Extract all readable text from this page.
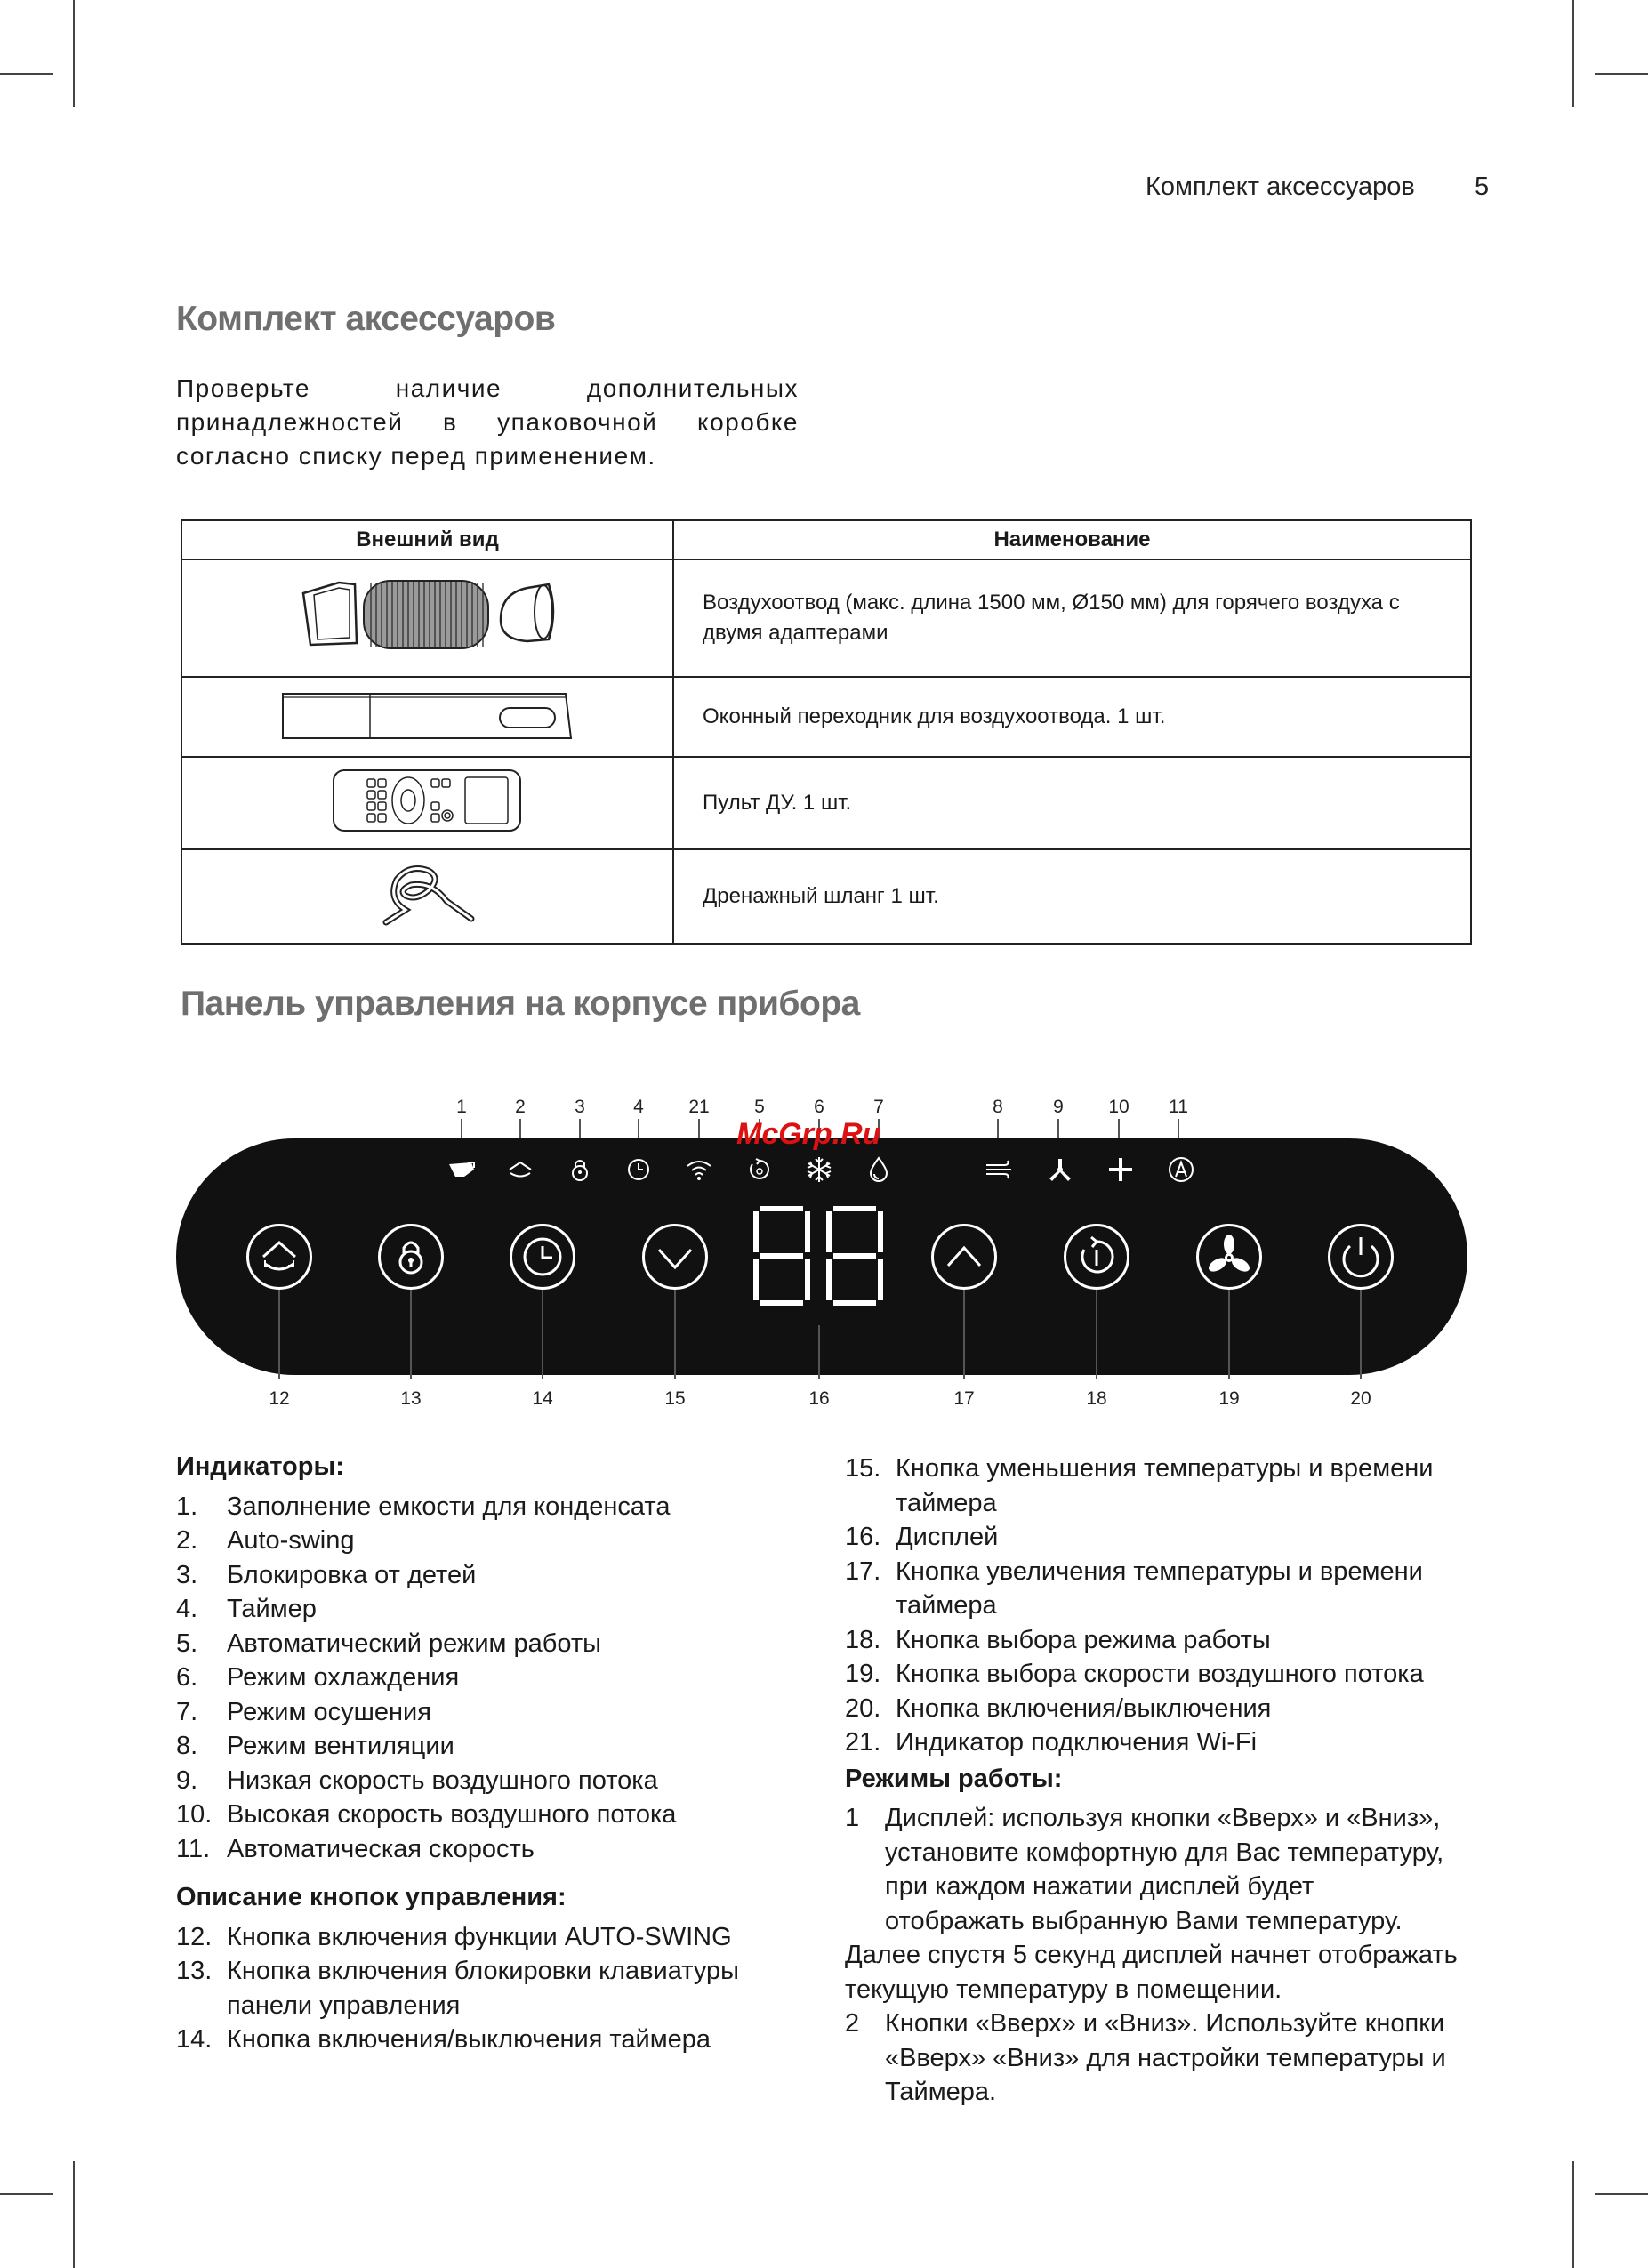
Комплект аксессуаров 5
Комплект аксессуаров
Проверьте наличие дополнительных принадлежностей в упаковочной коробке согласно списку перед применением.
Внешний вид	Наименование
	Воздухоотвод (макс. длина 1500 мм, Ø150 мм) для горячего воздуха с двумя адаптерами
	Оконный переходник для воздухоотвода. 1 шт.
	Пульт ДУ. 1 шт.
	Дренажный шланг 1 шт.
Панель управления на корпусе прибора
1	2	3	4 21 5	6	7	8	9 10 11
88
12	13	14	15	16	17	18	19	20
McGrp.Ru
Индикаторы:
1.	Заполнение емкости для конденсата
2.	Auto-swing
3.	Блокировка от детей
4.	Таймер
5.	Автоматический режим работы
6.	Режим охлаждения
7.	Режим осушения
8.	Режим вентиляции
9.	Низкая скорость воздушного потока
10. Высокая скорость воздушного потока
11. Автоматическая скорость
Описание кнопок управления:
12. Кнопка включения функции AUTO-SWING
13. Кнопка включения блокировки клавиатуры панели управления
14. Кнопка включения/выключения таймера
15. Кнопка уменьшения температуры и времени таймера
16. Дисплей
17. Кнопка увеличения температуры и времени таймера
18. Кнопка выбора режима работы
19. Кнопка выбора скорости воздушного потока
20. Кнопка включения/выключения
21. Индикатор подключения Wi-Fi
Режимы работы:
1 Дисплей: используя кнопки «Вверх» и «Вниз», установите комфортную для Вас температуру, при каждом нажатии дисплей будет отображать выбранную Вами температуру.
Далее спустя 5 секунд дисплей начнет отображать текущую температуру в помещении.
2 Кнопки «Вверх» и «Вниз». Используйте кнопки «Вверх» «Вниз» для настройки температуры и Таймера.
